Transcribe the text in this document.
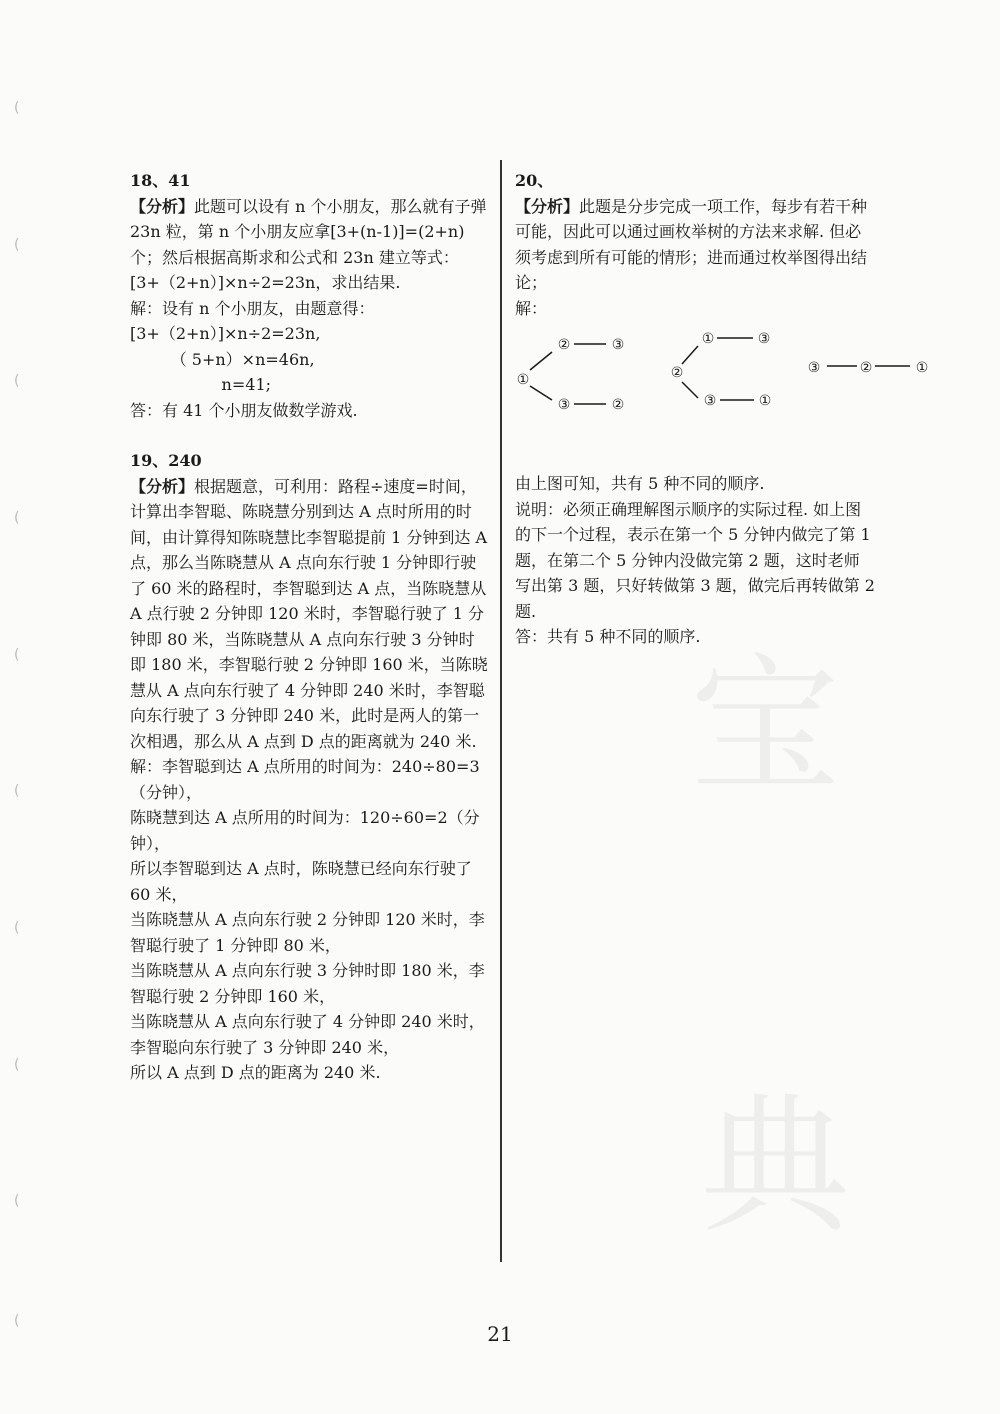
(
(
(
(
(
(
(
(
(
(
宝
典

18、41

【分析】此题可以设有 n 个小朋友，那么就有子弹 23n 粒，第 n 个小朋友应拿[3+(n-1)]=(2+n)个；然后根据高斯求和公式和 23n 建立等式：[3+（2+n）]×n÷2=23n，求出结果.

解：设有 n 个小朋友，由题意得：

[3+（2+n）]×n÷2=23n,

（ 5+n）×n=46n,

n=41;

答：有 41 个小朋友做数学游戏.

19、240

【分析】根据题意，可利用：路程÷速度=时间，计算出李智聪、陈晓慧分别到达 A 点时所用的时间，由计算得知陈晓慧比李智聪提前 1 分钟到达 A 点，那么当陈晓慧从 A 点向东行驶 1 分钟即行驶了 60 米的路程时，李智聪到达 A 点，当陈晓慧从 A 点行驶 2 分钟即 120 米时，李智聪行驶了 1 分钟即 80 米，当陈晓慧从 A 点向东行驶 3 分钟时即 180 米，李智聪行驶 2 分钟即 160 米，当陈晓慧从 A 点向东行驶了 4 分钟即 240 米时，李智聪向东行驶了 3 分钟即 240 米，此时是两人的第一次相遇，那么从 A 点到 D 点的距离就为 240 米.

解：李智聪到达 A 点所用的时间为：240÷80=3（分钟），

陈晓慧到达 A 点所用的时间为：120÷60=2（分钟），

所以李智聪到达 A 点时，陈晓慧已经向东行驶了 60 米，

当陈晓慧从 A 点向东行驶 2 分钟即 120 米时，李智聪行驶了 1 分钟即 80 米，

当陈晓慧从 A 点向东行驶 3 分钟时即 180 米，李智聪行驶 2 分钟即 160 米，

当陈晓慧从 A 点向东行驶了 4 分钟即 240 米时，李智聪向东行驶了 3 分钟即 240 米，

所以 A 点到 D 点的距离为 240 米.

20、

【分析】此题是分步完成一项工作，每步有若干种可能，因此可以通过画枚举树的方法来求解. 但必须考虑到所有可能的情形；进而通过枚举图得出结论；

解：

由上图可知，共有 5 种不同的顺序.

说明：必须正确理解图示顺序的实际过程. 如上图的下一个过程，表示在第一个 5 分钟内做完了第 1 题，在第二个 5 分钟内没做完第 2 题，这时老师写出第 3 题，只好转做第 3 题，做完后再转做第 2 题.

答：共有 5 种不同的顺序.

①
②	③
③	②
②
①	③
③	①
③	②	①
21
